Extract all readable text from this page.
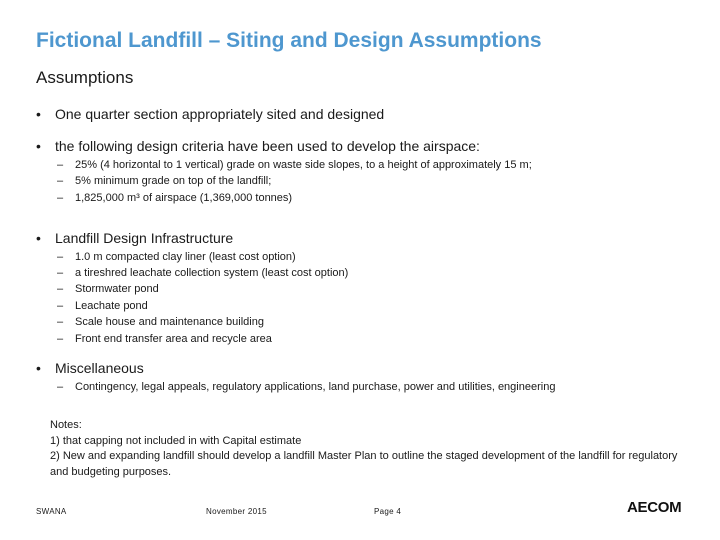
Fictional Landfill – Siting and Design Assumptions
Assumptions
• One quarter section appropriately sited and designed
• the following design criteria have been used to develop the airspace:
– 25% (4 horizontal to 1 vertical) grade on waste side slopes, to a height of approximately 15 m;
– 5% minimum grade on top of the landfill;
– 1,825,000 m³ of airspace (1,369,000 tonnes)
• Landfill Design Infrastructure
– 1.0 m compacted clay liner (least cost option)
– a tireshred leachate collection system (least cost option)
– Stormwater pond
– Leachate pond
– Scale house and maintenance building
– Front end transfer area and recycle area
• Miscellaneous
– Contingency, legal appeals, regulatory applications, land purchase, power and utilities, engineering
Notes:
1) that capping not included in with Capital estimate
2) New and expanding landfill should develop a landfill Master Plan to outline the staged development of the landfill for regulatory and budgeting purposes.
SWANA	November 2015	Page 4	AECOM
